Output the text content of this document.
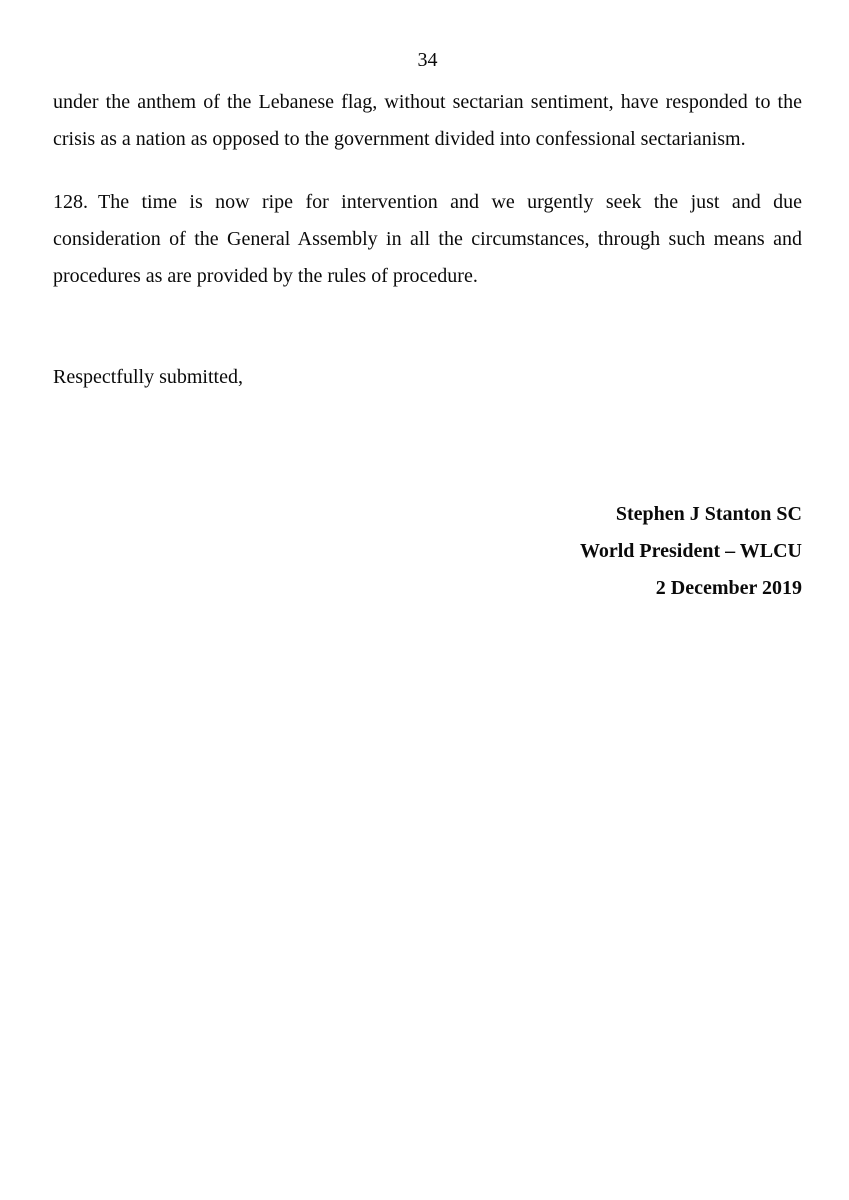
34
under the anthem of the Lebanese flag, without sectarian sentiment, have responded to the
crisis as a nation as opposed to the government divided into confessional sectarianism.
128. The time is now ripe for intervention and we urgently seek the just and due
consideration of the General Assembly in all the circumstances, through such means and
procedures as are provided by the rules of procedure.
Respectfully submitted,
Stephen J Stanton SC
World President – WLCU
2 December 2019
